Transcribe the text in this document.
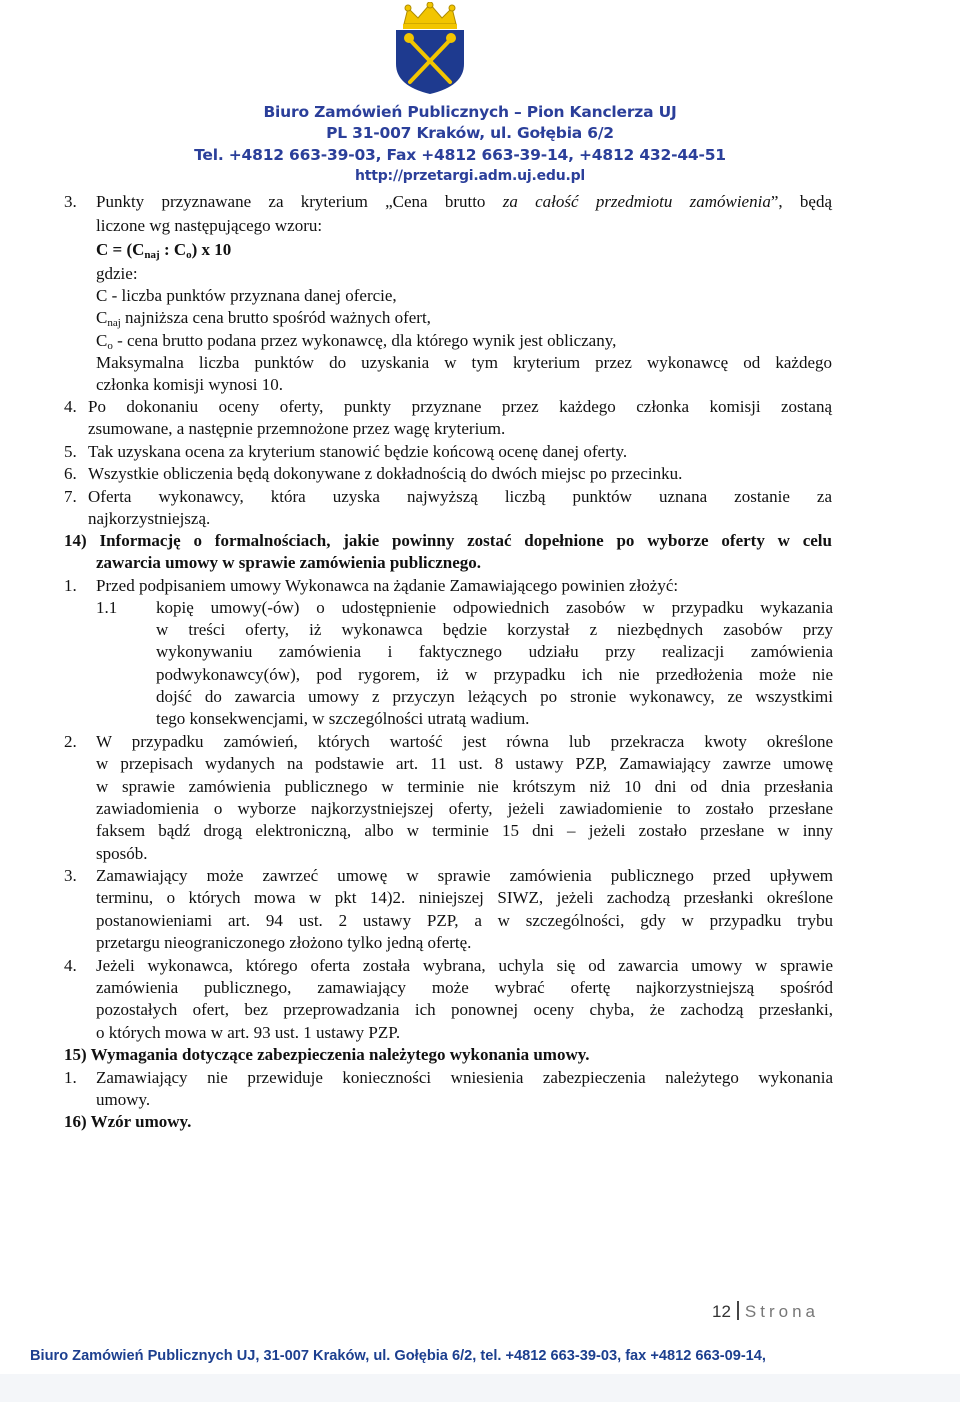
Biuro Zamówień Publicznych – Pion Kanclerza UJ
PL 31-007 Kraków, ul. Gołębia 6/2
Tel. +4812 663-39-03, Fax +4812 663-39-14, +4812 432-44-51
http://przetargi.adm.uj.edu.pl
3. Punkty przyznawane za kryterium „Cena brutto za całość przedmiotu zamówienia”, będą
liczone wg następującego wzoru:
$C = (C_{naj}$ : $C_o$) x 10
gdzie:
C - liczba punktów przyznana danej ofercie,
$C_{naj}$ najniższa cena brutto spośród ważnych ofert,
$C_o$ - cena brutto podana przez wykonawcę, dla którego wynik jest obliczany,
Maksymalna liczba punktów do uzyskania w tym kryterium przez wykonawcę od każdego
członka komisji wynosi 10.
4. Po dokonaniu oceny oferty, punkty przyznane przez każdego członka komisji zostaną
zsumowane, a następnie przemnożone przez wagę kryterium.
5. Tak uzyskana ocena za kryterium stanowić będzie końcową ocenę danej oferty.
6. Wszystkie obliczenia będą dokonywane z dokładnością do dwóch miejsc po przecinku.
7. Oferta wykonawcy, która uzyska najwyższą liczbą punktów uznana zostanie za
najkorzystniejszą.
14) Informację o formalnościach, jakie powinny zostać dopełnione po wyborze oferty w celu
zawarcia umowy w sprawie zamówienia publicznego.
1. Przed podpisaniem umowy Wykonawca na żądanie Zamawiającego powinien złożyć:
1.1 kopię umowy(-ów) o udostępnienie odpowiednich zasobów w przypadku wykazania
w treści oferty, iż wykonawca będzie korzystał z niezbędnych zasobów przy
wykonywaniu zamówienia i faktycznego udziału przy realizacji zamówienia
podwykonawcy(ów), pod rygorem, iż w przypadku ich nie przedłożenia może nie
dojść do zawarcia umowy z przyczyn leżących po stronie wykonawcy, ze wszystkimi
tego konsekwencjami, w szczególności utratą wadium.
2. W przypadku zamówień, których wartość jest równa lub przekracza kwoty określone
w przepisach wydanych na podstawie art. 11 ust. 8 ustawy PZP, Zamawiający zawrze umowę
w sprawie zamówienia publicznego w terminie nie krótszym niż 10 dni od dnia przesłania
zawiadomienia o wyborze najkorzystniejszej oferty, jeżeli zawiadomienie to zostało przesłane
faksem bądź drogą elektroniczną, albo w terminie 15 dni – jeżeli zostało przesłane w inny
sposób.
3. Zamawiający może zawrzeć umowę w sprawie zamówienia publicznego przed upływem
terminu, o których mowa w pkt 14)2. niniejszej SIWZ, jeżeli zachodzą przesłanki określone
postanowieniami art. 94 ust. 2 ustawy PZP, a w szczególności, gdy w przypadku trybu
przetargu nieograniczonego złożono tylko jedną ofertę.
4. Jeżeli wykonawca, którego oferta została wybrana, uchyla się od zawarcia umowy w sprawie
zamówienia publicznego, zamawiający może wybrać ofertę najkorzystniejszą spośród
pozostałych ofert, bez przeprowadzania ich ponownej oceny chyba, że zachodzą przesłanki,
o których mowa w art. 93 ust. 1 ustawy PZP.
15) Wymagania dotyczące zabezpieczenia należytego wykonania umowy.
1. Zamawiający nie przewiduje konieczności wniesienia zabezpieczenia należytego wykonania
umowy.
16) Wzór umowy.
12 Strona
Biuro Zamówień Publicznych UJ, 31-007 Kraków, ul. Gołębia 6/2, tel. +4812 663-39-03, fax +4812 663-09-14,
